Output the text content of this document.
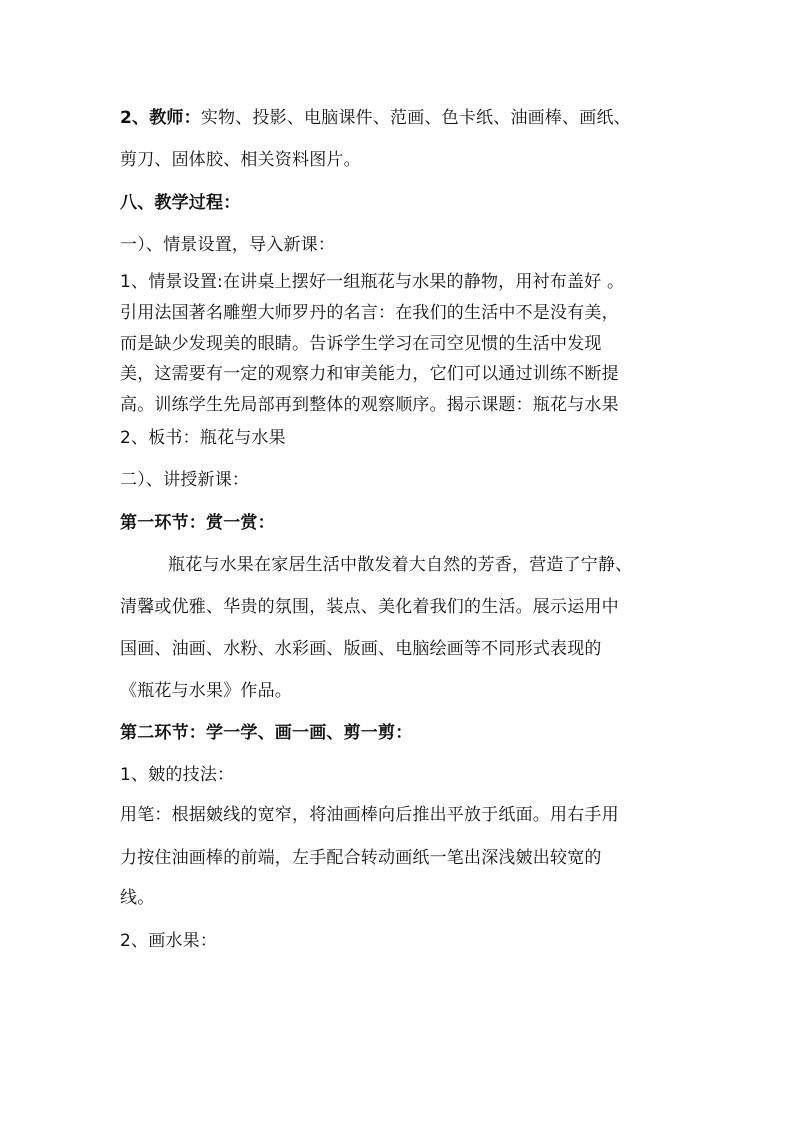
2、教师：实物、投影、电脑课件、范画、色卡纸、油画棒、画纸、
剪刀、固体胶、相关资料图片。
八、教学过程：
一）、情景设置，导入新课：
1、情景设置:在讲桌上摆好一组瓶花与水果的静物，用衬布盖好 。
引用法国著名雕塑大师罗丹的名言：在我们的生活中不是没有美，
而是缺少发现美的眼睛。告诉学生学习在司空见惯的生活中发现
美，这需要有一定的观察力和审美能力，它们可以通过训练不断提
高。训练学生先局部再到整体的观察顺序。揭示课题：瓶花与水果
2、板书：瓶花与水果
二）、讲授新课：
第一环节：赏一赏：
瓶花与水果在家居生活中散发着大自然的芳香，营造了宁静、
清馨或优雅、华贵的氛围，装点、美化着我们的生活。展示运用中
国画、油画、水粉、水彩画、版画、电脑绘画等不同形式表现的
《瓶花与水果》作品。
第二环节：学一学、画一画、剪一剪：
1、皴的技法：
用笔：根据皴线的宽窄，将油画棒向后推出平放于纸面。用右手用
力按住油画棒的前端，左手配合转动画纸一笔出深浅皴出较宽的
线。
2、画水果：
